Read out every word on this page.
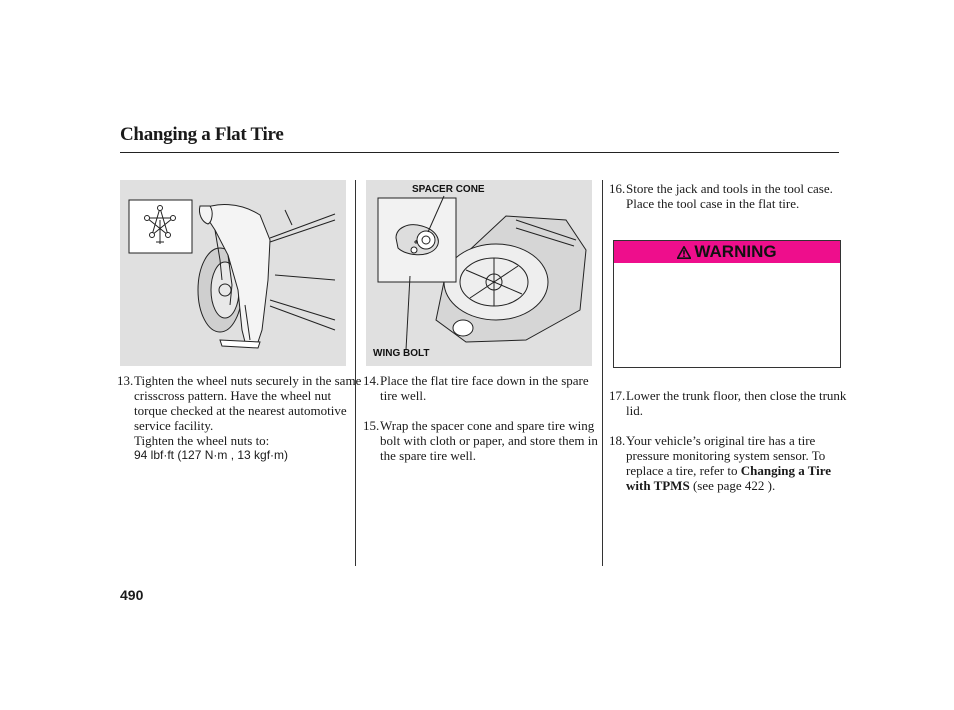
Changing a Flat Tire
SPACER CONE
WING BOLT

13.Tighten the wheel nuts securely in the same crisscross pattern. Have the wheel nut torque checked at the nearest automotive service facility.

Tighten the wheel nuts to:

94 lbf·ft (127 N·m , 13 kgf·m)

14.Place the flat tire face down in the spare tire well.

15.Wrap the spacer cone and spare tire wing bolt with cloth or paper, and store them in the spare tire well.

16.Store the jack and tools in the tool case. Place the tool case in the flat tire.

WARNING

17.Lower the trunk floor, then close the trunk lid.

18.Your vehicle’s original tire has a tire pressure monitoring system sensor. To replace a tire, refer to Changing a Tire with TPMS (see page 422 ).

490
